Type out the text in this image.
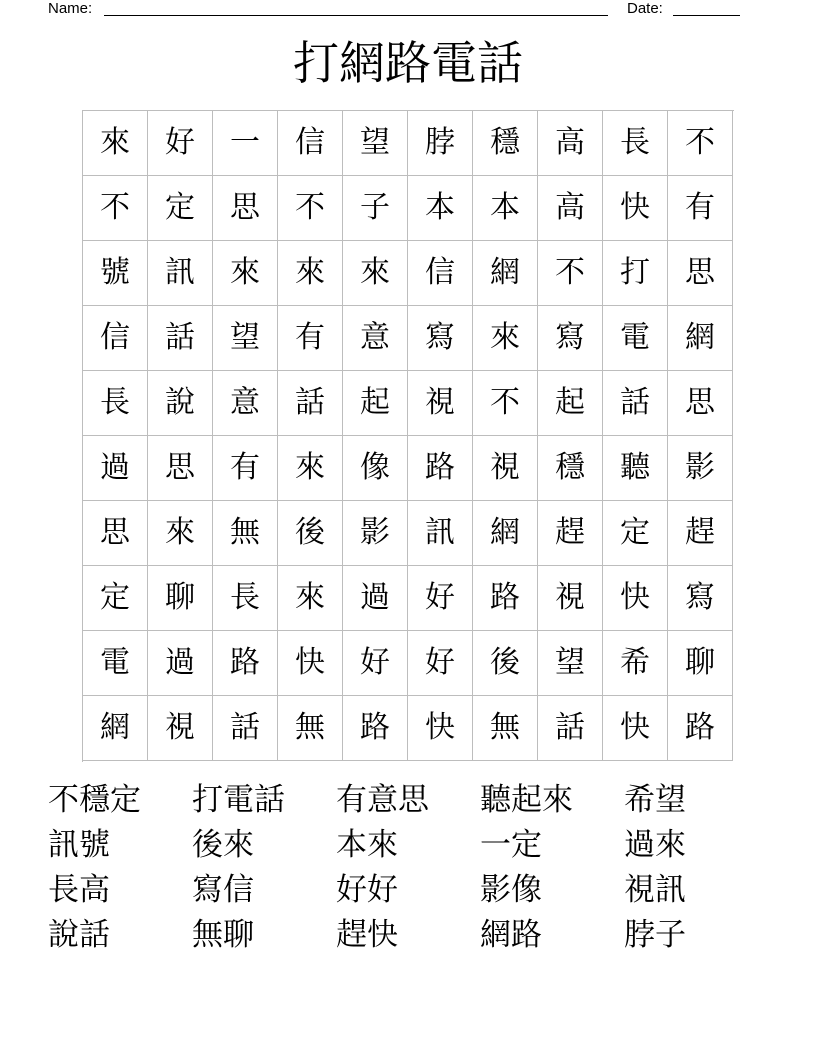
Name:	Date:
打網路電話
來	好	一	信	望	脖	穩	高	長	不
不	定	思	不	子	本	本	高	快	有
號	訊	來	來	來	信	網	不	打	思
信	話	望	有	意	寫	來	寫	電	網
長	說	意	話	起	視	不	起	話	思
過	思	有	來	像	路	視	穩	聽	影
思	來	無	後	影	訊	網	趕	定	趕
定	聊	長	來	過	好	路	視	快	寫
電	過	路	快	好	好	後	望	希	聊
網	視	話	無	路	快	無	話	快	路
不穩定	打電話	有意思	聽起來	希望
訊號	後來	本來	一定	過來
長高	寫信	好好	影像	視訊
說話	無聊	趕快	網路	脖子
